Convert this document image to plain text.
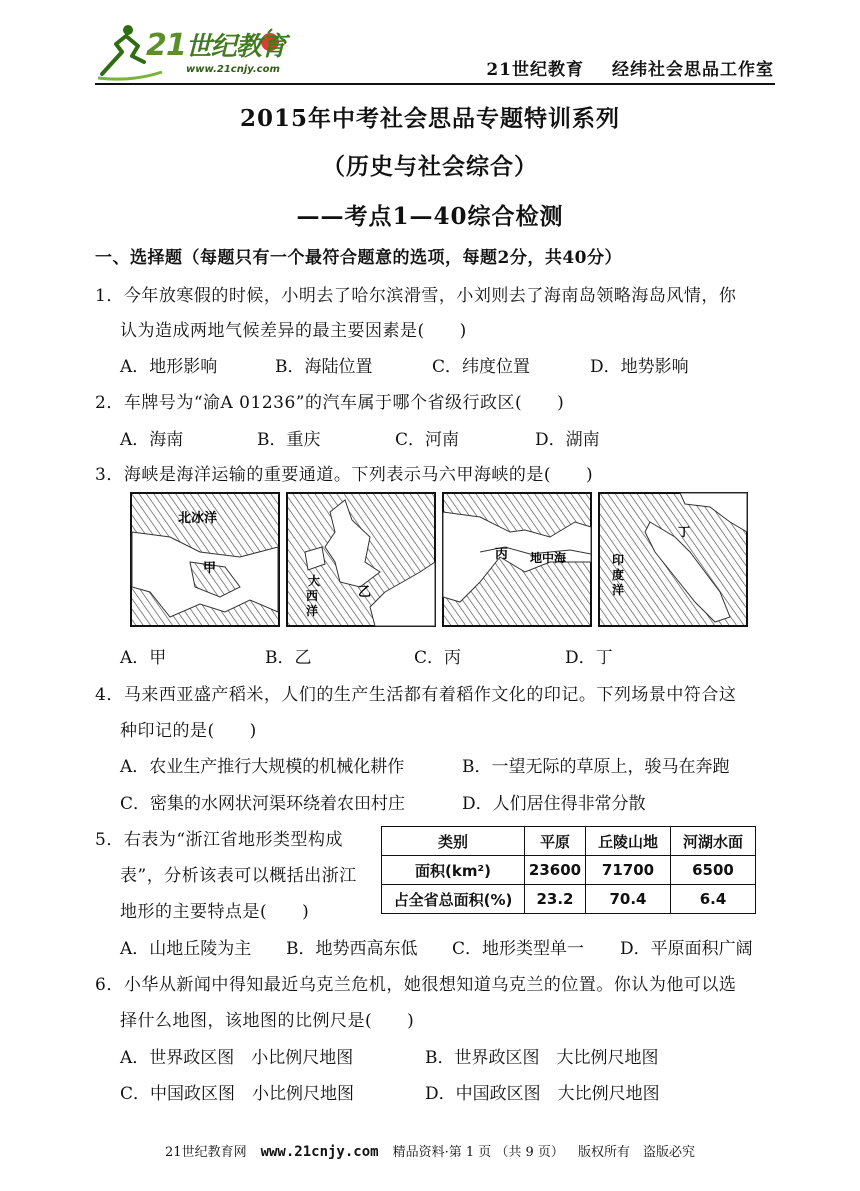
21世纪教育
www.21cnjy.com	21世纪教育 经纬社会思品工作室
2015年中考社会思品专题特训系列
（历史与社会综合）
——考点1—40综合检测
一、选择题（每题只有一个最符合题意的选项，每题2分，共40分）
1．今年放寒假的时候，小明去了哈尔滨滑雪，小刘则去了海南岛领略海岛风情，你
认为造成两地气候差异的最主要因素是(　　)
A．地形影响	B．海陆位置	C．纬度位置	D．地势影响
2．车牌号为“渝A 01236”的汽车属于哪个省级行政区(　　)
A．海南	B．重庆	C．河南	D．湖南
3．海峡是海洋运输的重要通道。下列表示马六甲海峡的是(　　)
北冰洋
甲
大
西
洋
乙
丙 地中海
丁
印
度
洋
A．甲	B．乙	C．丙	D．丁
4．马来西亚盛产稻米，人们的生产生活都有着稻作文化的印记。下列场景中符合这
种印记的是(　　)
A．农业生产推行大规模的机械化耕作	B．一望无际的草原上，骏马在奔跑
C．密集的水网状河渠环绕着农田村庄	D．人们居住得非常分散
5．右表为“浙江省地形类型构成
表”，分析该表可以概括出浙江
地形的主要特点是(　　)
类别	平原	丘陵山地	河湖水面
面积(km²)	23600	71700	6500
占全省总面积(%)	23.2	70.4	6.4
A．山地丘陵为主 B．地势西高东低 C．地形类型单一 D．平原面积广阔
6．小华从新闻中得知最近乌克兰危机，她很想知道乌克兰的位置。你认为他可以选
择什么地图，该地图的比例尺是(　　)
A．世界政区图　小比例尺地图	B．世界政区图　大比例尺地图
C．中国政区图　小比例尺地图	D．中国政区图　大比例尺地图
21世纪教育网 www.21cnjy.com 精品资料·第 1 页 （共 9 页） 版权所有　盗版必究
